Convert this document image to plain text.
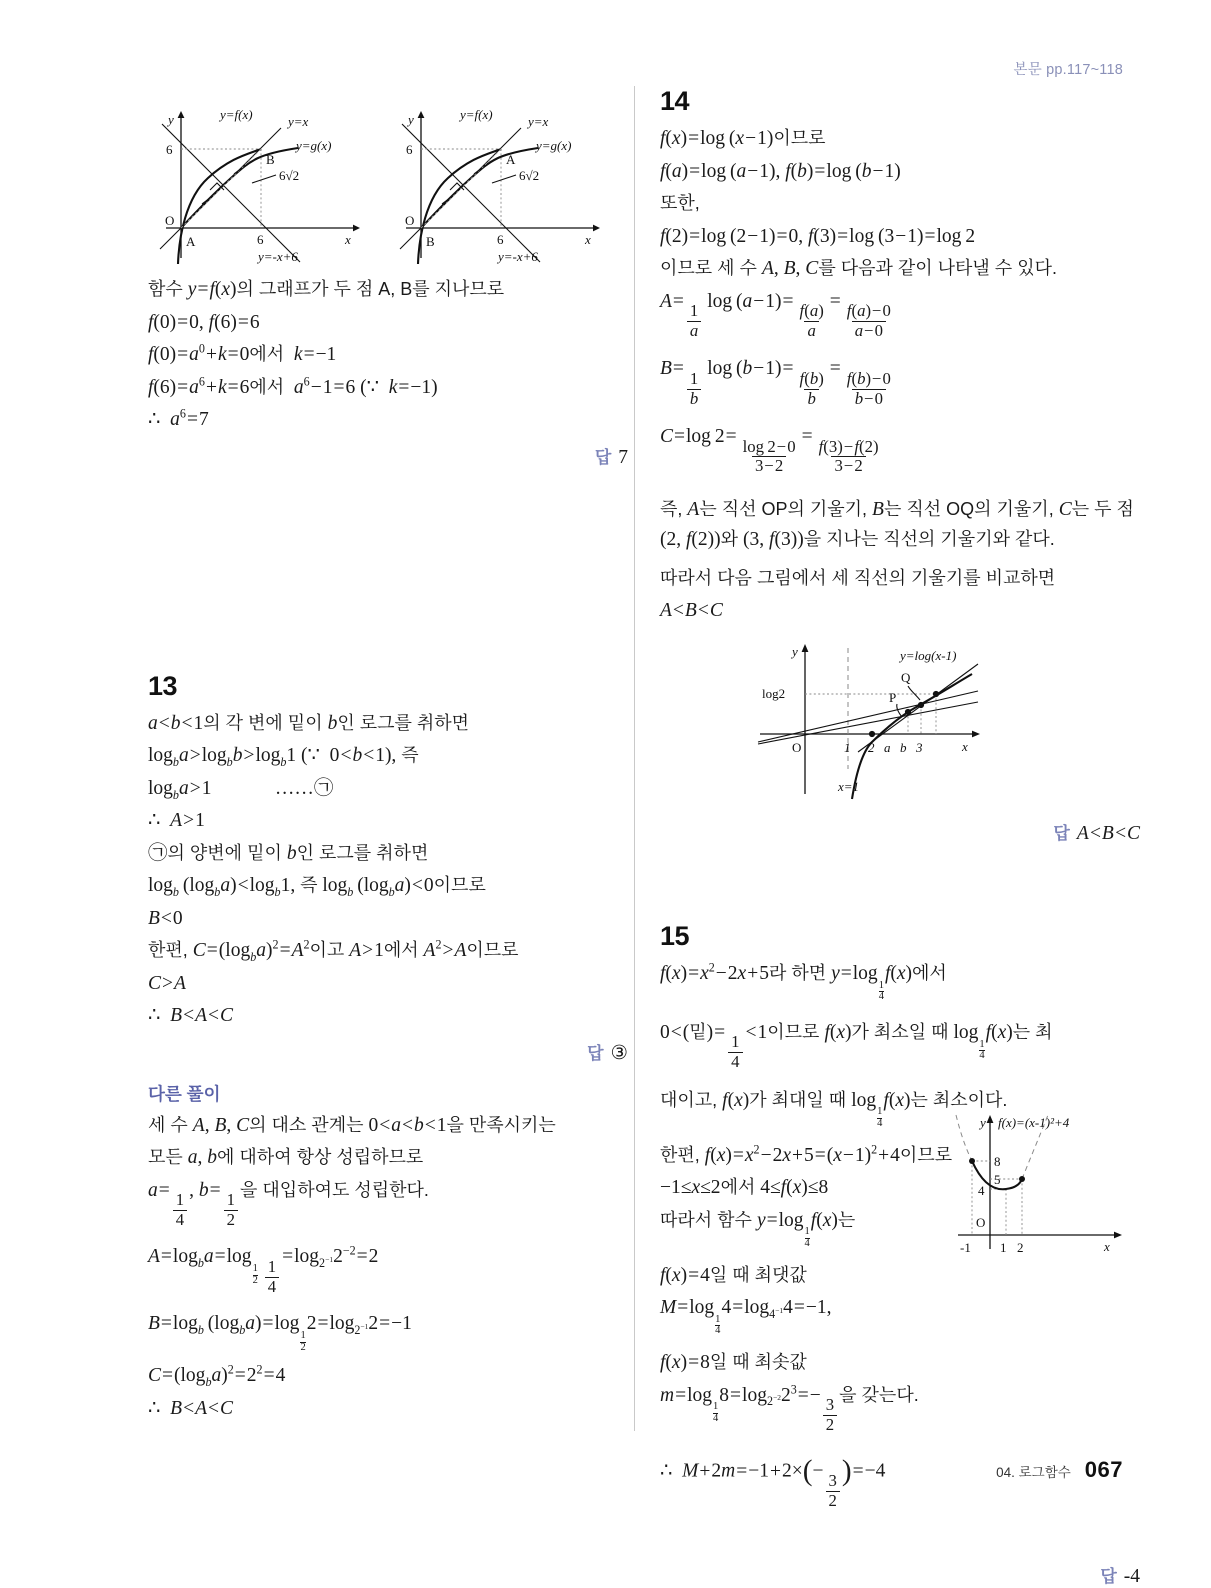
본문 pp.117~118
y
x
y=f(x)	y=x
y=g(x)
y=-x+6
6
6
O
A
B
6√2
y
x
y=f(x)	y=x
y=g(x)
y=-x+6
6
6
O
B
A
6√2

함수 y=f(x)의 그래프가 두 점 A, B를 지나므로

f(0)=0, f(6)=6

$f(0)=a^0+k=0$에서 k=−1

$f(6)=a^6+k=6$에서 $a^6-1=6$ (∵  k=−1)

∴  $a^6=7$

답 7

13

a<b<1의 각 변에 밑이 b인 로그를 취하면

$\log_ba>\log_bb>\log_b1$ (∵  0<b<1), 즉

$\log_ba>1$             ……㉠

∴  A>1

㉠의 양변에 밑이 b인 로그를 취하면

$\log_b (\log_ba)<\log_b1$, 즉 $\log_b (\log_ba)<0$이므로

B<0

한편, $C=(\log_ba)^2=A^2$이고 A>1에서 $A^2>A$이므로

C>A

∴  B<A<C

답 ③

다른 풀이

세 수 A, B, C의 대소 관계는 0<a<b<1을 만족시키는

모든 a, b에 대하여 항상 성립하므로

a=
$\frac{1}{4}$
, b=
$\frac{1}{2}$
을 대입하여도 성립한다.

$A=\log_ba=\log$
$\frac{1}{2}$
  $\frac{1}{4}$
$=\log_{2^{-1}}2^{-2}=2$

$B=\log_b$ $(\log_ba)=\log$
$\frac{1}{2}$
$2=\log_{2^{-1}}2=-1$

$C=(\log_ba)^2=2^2=4$

∴  B<A<C

14

f(x)=log (x−1)이므로

f(a)=log (a−1), f(b)=log (b−1)

또한,

f(2)=log (2−1)=0, f(3)=log (3−1)=log 2

이므로 세 수 A, B, C를 다음과 같이 나타낼 수 있다.

A=
$\frac{1}{a}$
 log (a−1)=
$\frac{f(a)}{a}$
=
$\frac{f(a)-0}{a-0}$

B=
$\frac{1}{b}$
 log (b−1)=
$\frac{f(b)}{b}$
=
$\frac{f(b)-0}{b-0}$

C=log 2=
$\frac{\log 2-0}{3-2}$
=
$\frac{f(3)-f(2)}{3-2}$

즉, A는 직선 OP의 기울기, B는 직선 OQ의 기울기, C는 두 점 (2, f(2))와 (3, f(3))을 지나는 직선의 기울기와 같다.

따라서 다음 그림에서 세 직선의 기울기를 비교하면

A<B<C

y
x
O
y=log(x-1)
x=1
log2
1 2 a b 3
P
Q

답 A<B<C

15

$f(x)=x^2-2x+5$라 하면 y=log
$\frac{1}{4}$
f(x)에서

0<(밑)=
$\frac{1}{4}$
<1이므로 f(x)가 최소일 때 log
$\frac{1}{4}$
f(x)는 최

대이고, f(x)가 최대일 때 log
$\frac{1}{4}$
f(x)는 최소이다.

한편, $f(x)=x^2-2x+5=(x-1)^2+4$이므로

−1≤x≤2에서 4≤f(x)≤8

따라서 함수 y=log
$\frac{1}{4}$
f(x)는

f(x)=4일 때 최댓값

M=log
$\frac{1}{4}$
$4=\log_{4^{-1}}4=-1$,

f(x)=8일 때 최솟값

m=log
$\frac{1}{4}$
$8=\log_{2^{-2}}2^3=-$
$\frac{3}{2}$
을 갖는다.

∴  M+2m=−1+2×(−
$\frac{3}{2}$
)=−4

y
x
O
f(x)=(x-1)²+4
8
5
4
-1 1 2

답 -4

04. 로그함수 067
